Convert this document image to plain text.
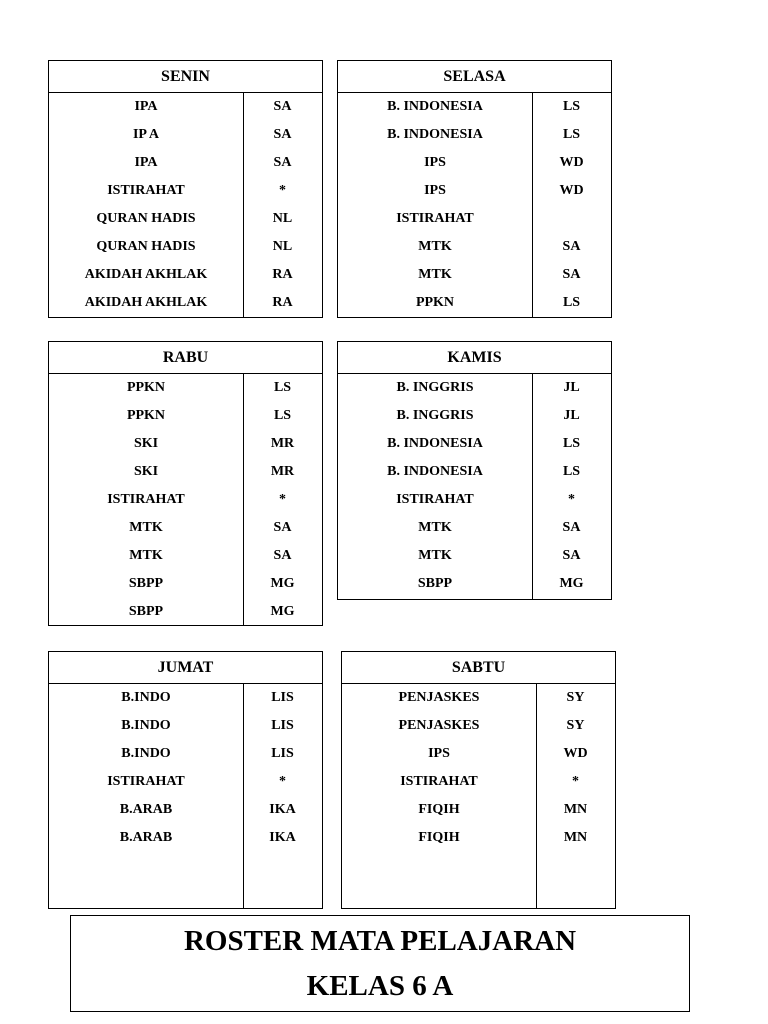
SENIN
IPA	SA
IP A	SA
IPA	SA
ISTIRAHAT	*
QURAN HADIS	NL
QURAN HADIS	NL
AKIDAH AKHLAK	RA
AKIDAH AKHLAK	RA
SELASA
B. INDONESIA	LS
B. INDONESIA	LS
IPS	WD
IPS	WD
ISTIRAHAT
MTK	SA
MTK	SA
PPKN	LS
RABU
PPKN	LS
PPKN	LS
SKI	MR
SKI	MR
ISTIRAHAT	*
MTK	SA
MTK	SA
SBPP	MG
SBPP	MG
KAMIS
B. INGGRIS	JL
B. INGGRIS	JL
B. INDONESIA	LS
B. INDONESIA	LS
ISTIRAHAT	*
MTK	SA
MTK	SA
SBPP	MG
JUMAT
B.INDO	LIS
B.INDO	LIS
B.INDO	LIS
ISTIRAHAT	*
B.ARAB	IKA
B.ARAB	IKA
SABTU
PENJASKES	SY
PENJASKES	SY
IPS	WD
ISTIRAHAT	*
FIQIH	MN
FIQIH	MN
ROSTER MATA PELAJARAN
KELAS 6 A
